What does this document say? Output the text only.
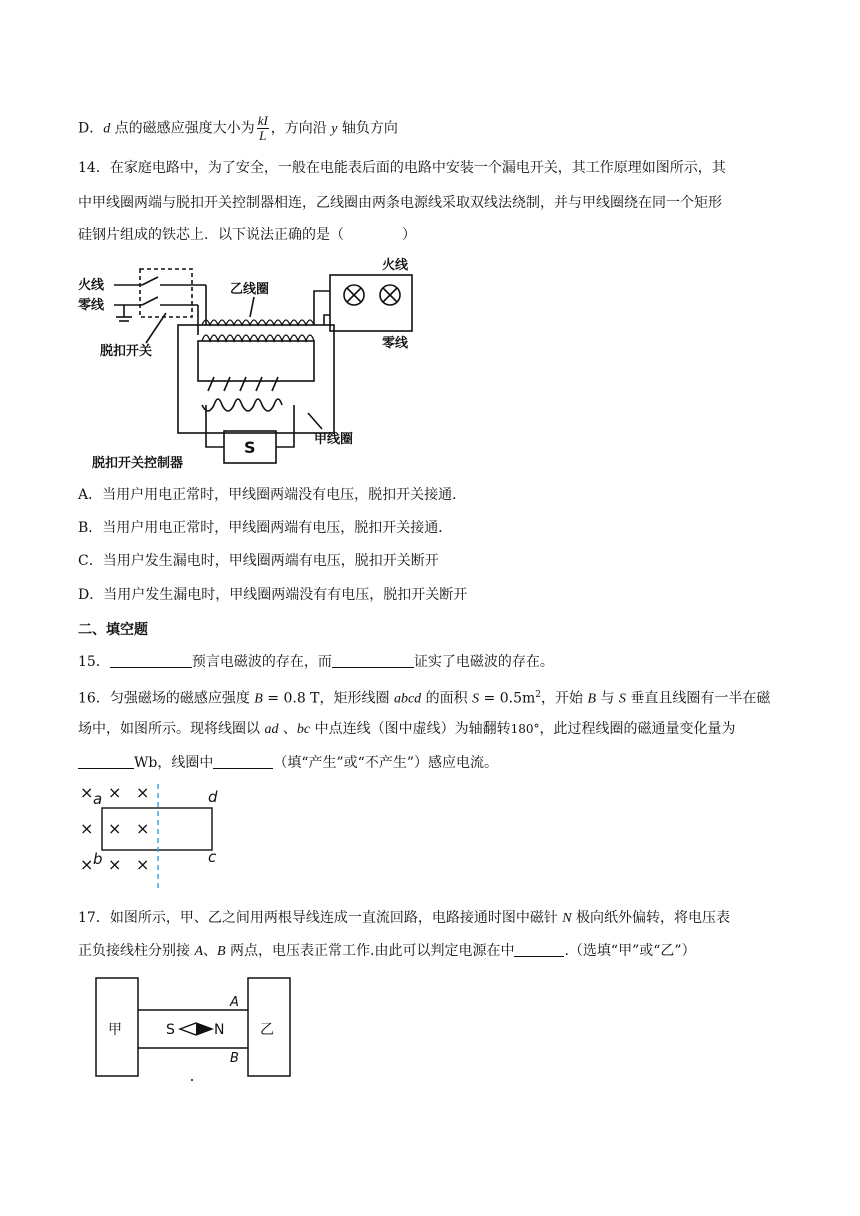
D．d 点的磁感应强度大小为 $\frac{kI}{L}$ ，方向沿 y 轴负方向
14．在家庭电路中，为了安全，一般在电能表后面的电路中安装一个漏电开关，其工作原理如图所示，其
中甲线圈两端与脱扣开关控制器相连，乙线圈由两条电源线采取双线法绕制，并与甲线圈绕在同一个矩形
硅钢片组成的铁芯上．以下说法正确的是（	）
火线
零线
脱扣开关
乙线圈
甲线圈
脱扣开关控制器
S
火线
零线
A．当用户用电正常时，甲线圈两端没有电压，脱扣开关接通．
B．当用户用电正常时，甲线圈两端有电压，脱扣开关接通．
C．当用户发生漏电时，甲线圈两端有电压，脱扣开关断开
D．当用户发生漏电时，甲线圈两端没有有电压，脱扣开关断开
二、填空题
15．	预言电磁波的存在，而	证实了电磁波的存在。
16．匀强磁场的磁感应强度 B = 0.8 T，矩形线圈 abcd 的面积 $S = 0.5m^2$，开始 B 与 S 垂直且线圈有一半在磁
场中，如图所示。现将线圈以 ad 、bc 中点连线（图中虚线）为轴翻转180°，此过程线圈的磁通量变化量为
Wb，线圈中	（填“产生”或“不产生”）感应电流。
× × ×
× × ×
× × ×
a
b	c
d
17．如图所示，甲、乙之间用两根导线连成一直流回路，电路接通时图中磁针 N 极向纸外偏转，将电压表
正负接线柱分别接 A、B 两点，电压表正常工作.由此可以判定电源在中	.（选填“甲”或“乙”）
甲	乙
S	N
A
B
